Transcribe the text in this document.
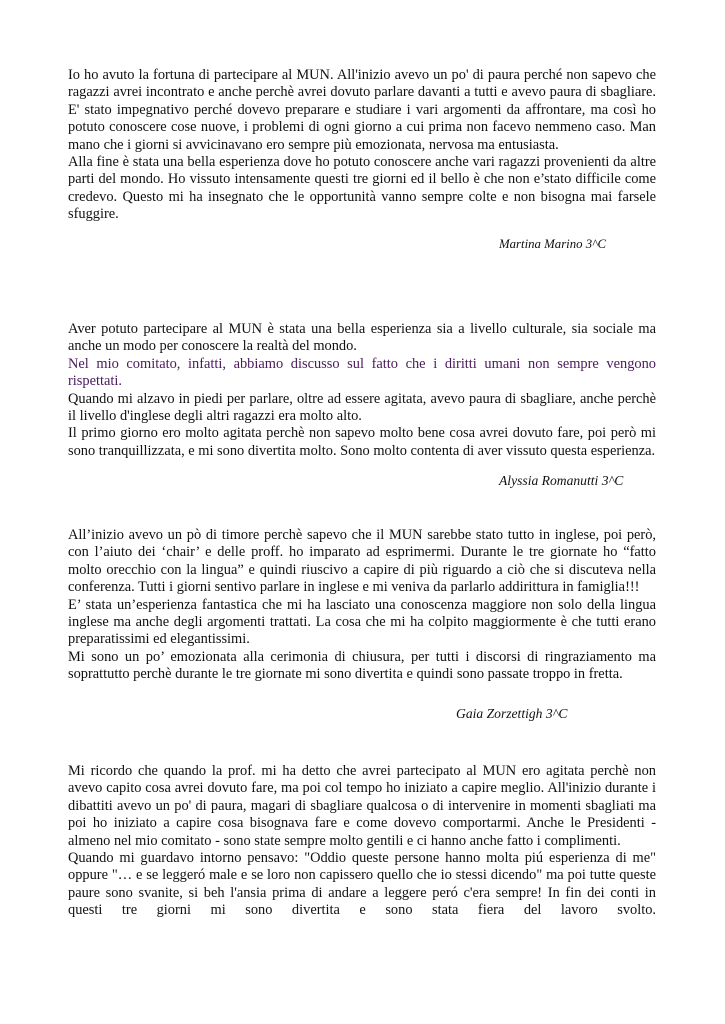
Io ho avuto la fortuna di partecipare al MUN. All'inizio avevo un po' di paura perché non sapevo che ragazzi avrei incontrato e anche perchè avrei dovuto parlare davanti a tutti e avevo paura di sbagliare. E' stato impegnativo perché dovevo preparare e studiare i vari argomenti da affrontare, ma così ho potuto conoscere cose nuove, i problemi di ogni giorno a cui prima non facevo nemmeno caso. Man mano che i giorni si avvicinavano ero sempre più emozionata, nervosa ma entusiasta.

Alla fine è stata una bella esperienza dove ho potuto conoscere anche vari ragazzi provenienti da altre parti del mondo. Ho vissuto intensamente questi tre giorni ed il bello è che non e’stato difficile come credevo. Questo mi ha insegnato che le opportunità vanno sempre colte e non bisogna mai farsele sfuggire.

Martina Marino 3^C

Aver potuto partecipare al MUN è stata una bella esperienza sia a livello culturale, sia sociale ma anche un modo per conoscere la realtà del mondo.

Nel mio comitato, infatti, abbiamo discusso sul fatto che i diritti umani non sempre vengono rispettati.

Quando mi alzavo in piedi per parlare, oltre ad essere agitata, avevo paura di sbagliare, anche perchè il livello d'inglese degli altri ragazzi era molto alto.

Il primo giorno ero molto agitata perchè non sapevo molto bene cosa avrei dovuto fare, poi però mi sono tranquillizzata, e mi sono divertita molto. Sono molto contenta di aver vissuto questa esperienza.

Alyssia Romanutti 3^C

All’inizio avevo un pò di timore perchè sapevo che il MUN sarebbe stato tutto in inglese, poi però, con l’aiuto dei ‘chair’ e delle proff. ho imparato ad esprimermi. Durante le tre giornate ho “fatto molto orecchio con la lingua” e quindi riuscivo a capire di più riguardo a ciò che si discuteva nella conferenza. Tutti i giorni sentivo parlare in inglese e mi veniva da parlarlo addirittura in famiglia!!!

E’ stata un’esperienza fantastica che mi ha lasciato una conoscenza maggiore non solo della lingua inglese ma anche degli argomenti trattati. La cosa che mi ha colpito maggiormente è che tutti erano preparatissimi ed elegantissimi.

Mi sono un po’ emozionata alla cerimonia di chiusura, per tutti i discorsi di ringraziamento ma soprattutto perchè durante le tre giornate mi sono divertita e quindi sono passate troppo in fretta.

Gaia Zorzettigh 3^C

Mi ricordo che quando la prof. mi ha detto che avrei partecipato al MUN ero agitata perchè non avevo capito cosa avrei dovuto fare, ma poi col tempo ho iniziato a capire meglio. All'inizio durante i dibattiti avevo un po' di paura, magari di sbagliare qualcosa o di intervenire in momenti sbagliati ma poi ho iniziato a capire cosa bisognava fare e come dovevo comportarmi. Anche le Presidenti - almeno nel mio comitato - sono state sempre molto gentili e ci hanno anche fatto i complimenti.

Quando mi guardavo intorno pensavo: "Oddio queste persone hanno molta piú esperienza di me" oppure "… e se leggeró male e se loro non capissero quello che io stessi dicendo" ma poi tutte queste paure sono svanite, si beh l'ansia prima di andare a leggere peró c'era sempre! In fin dei conti in questi tre giorni mi sono divertita e sono stata fiera del lavoro svolto.
